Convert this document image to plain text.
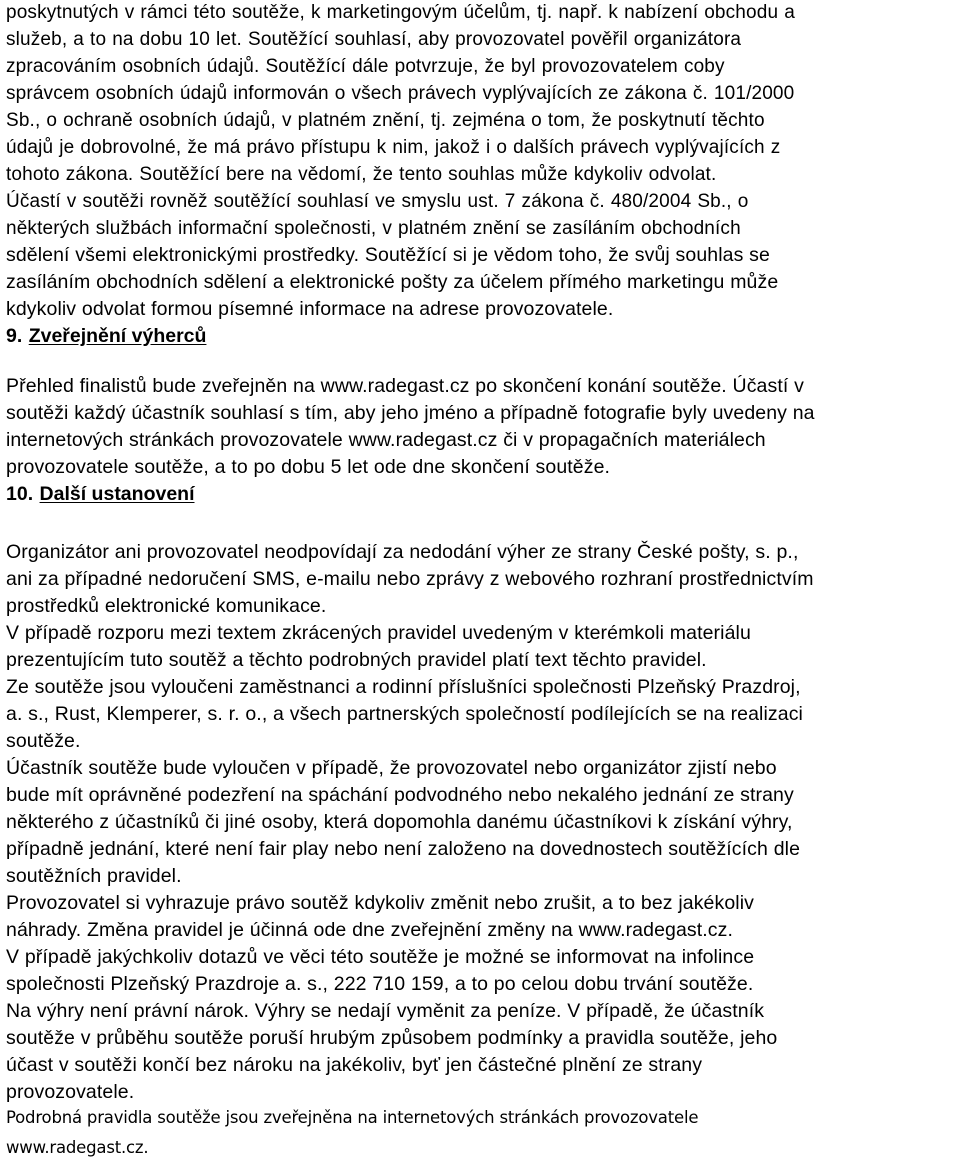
poskytnutých v rámci této soutěže, k marketingovým účelům, tj. např. k nabízení obchodu a
služeb, a to na dobu 10 let. Soutěžící souhlasí, aby provozovatel pověřil organizátora
zpracováním osobních údajů. Soutěžící dále potvrzuje, že byl provozovatelem coby
správcem osobních údajů informován o všech právech vyplývajících ze zákona č. 101/2000
Sb., o ochraně osobních údajů, v platném znění, tj. zejména o tom, že poskytnutí těchto
údajů je dobrovolné, že má právo přístupu k nim, jakož i o dalších právech vyplývajících z
tohoto zákona. Soutěžící bere na vědomí, že tento souhlas může kdykoliv odvolat.
Účastí v soutěži rovněž soutěžící souhlasí ve smyslu ust. 7 zákona č. 480/2004 Sb., o
některých službách informační společnosti, v platném znění se zasíláním obchodních
sdělení všemi elektronickými prostředky. Soutěžící si je vědom toho, že svůj souhlas se
zasíláním obchodních sdělení a elektronické pošty za účelem přímého marketingu může
kdykoliv odvolat formou písemné informace na adrese provozovatele.
9. Zveřejnění výherců
Přehled finalistů bude zveřejněn na www.radegast.cz po skončení konání soutěže. Účastí v
soutěži každý účastník souhlasí s tím, aby jeho jméno a případně fotografie byly uvedeny na
internetových stránkách provozovatele www.radegast.cz či v propagačních materiálech
provozovatele soutěže, a to po dobu 5 let ode dne skončení soutěže.
10. Další ustanovení
Organizátor ani provozovatel neodpovídají za nedodání výher ze strany České pošty, s. p.,
ani za případné nedoručení SMS, e-mailu nebo zprávy z webového rozhraní prostřednictvím
prostředků elektronické komunikace.
V případě rozporu mezi textem zkrácených pravidel uvedeným v kterémkoli materiálu
prezentujícím tuto soutěž a těchto podrobných pravidel platí text těchto pravidel.
Ze soutěže jsou vyloučeni zaměstnanci a rodinní příslušníci společnosti Plzeňský Prazdroj,
a. s., Rust, Klemperer, s. r. o., a všech partnerských společností podílejících se na realizaci
soutěže.
Účastník soutěže bude vyloučen v případě, že provozovatel nebo organizátor zjistí nebo
bude mít oprávněné podezření na spáchání podvodného nebo nekalého jednání ze strany
některého z účastníků či jiné osoby, která dopomohla danému účastníkovi k získání výhry,
případně jednání, které není fair play nebo není založeno na dovednostech soutěžících dle
soutěžních pravidel.
Provozovatel si vyhrazuje právo soutěž kdykoliv změnit nebo zrušit, a to bez jakékoliv
náhrady. Změna pravidel je účinná ode dne zveřejnění změny na www.radegast.cz.
V případě jakýchkoliv dotazů ve věci této soutěže je možné se informovat na infolince
společnosti Plzeňský Prazdroje a. s., 222 710 159, a to po celou dobu trvání soutěže.
Na výhry není právní nárok. Výhry se nedají vyměnit za peníze. V případě, že účastník
soutěže v průběhu soutěže poruší hrubým způsobem podmínky a pravidla soutěže, jeho
účast v soutěži končí bez nároku na jakékoliv, byť jen částečné plnění ze strany
provozovatele.
Podrobná pravidla soutěže jsou zveřejněna na internetových stránkách provozovatele
www.radegast.cz.
